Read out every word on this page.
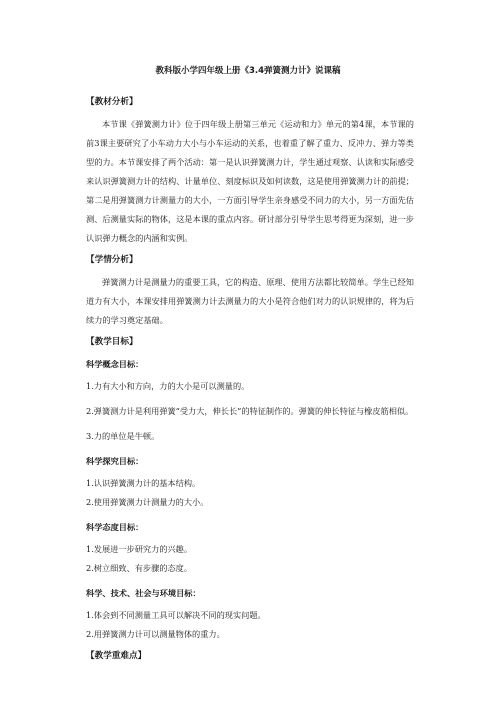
教科版小学四年级上册《3.4弹簧测力计》说课稿

【教材分析】

本节课《弹簧测力计》位于四年级上册第三单元《运动和力》单元的第4课，本节课的前3课主要研究了小车动力大小与小车运动的关系，也着重了解了重力、反冲力、弹力等类型的力。本节课安排了两个活动：第一是认识弹簧测力计，学生通过观察、认读和实际感受来认识弹簧测力计的结构、计量单位、刻度标识及如何读数，这是使用弹簧测力计的前提；第二是用弹簧测力计测量力的大小，一方面引导学生亲身感受不同力的大小，另一方面先估测、后测量实际的物体，这是本课的重点内容。研讨部分引导学生思考得更为深刻，进一步认识弹力概念的内涵和实例。

【学情分析】

弹簧测力计是测量力的重要工具，它的构造、原理、使用方法都比较简单。学生已经知道力有大小，本课安排用弹簧测力计去测量力的大小是符合他们对力的认识规律的，将为后续力的学习奠定基础。

【教学目标】

科学概念目标：

1.力有大小和方向，力的大小是可以测量的。

2.弹簧测力计是利用弹簧“受力大，伸长长”的特征制作的。弹簧的伸长特征与橡皮筋相似。

3.力的单位是牛顿。

科学探究目标：

1.认识弹簧测力计的基本结构。

2.使用弹簧测力计测量力的大小。

科学态度目标：

1.发展进一步研究力的兴趣。

2.树立细致、有步骤的态度。

科学、技术、社会与环境目标：

1.体会到不同测量工具可以解决不同的现实问题。

2.用弹簧测力计可以测量物体的重力。

【教学重难点】
